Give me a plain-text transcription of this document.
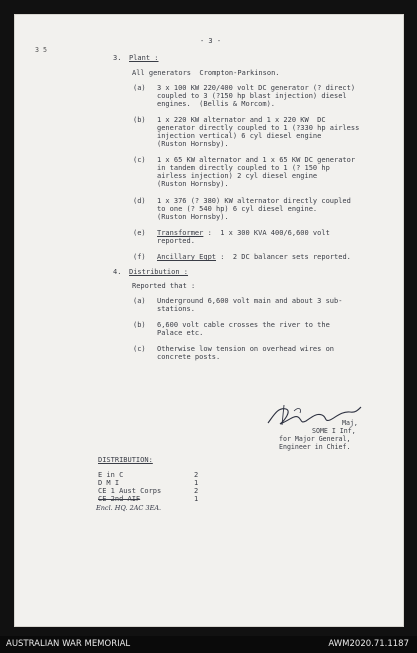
- 3 -
3 5
3. Plant :
All generators  Crompton-Parkinson.
(a) 3 x 100 KW 220/400 volt DC generator (? direct)
coupled to 3 (?150 hp blast injection) diesel
engines.  (Bellis & Morcom).
(b) 1 x 220 KW alternator and 1 x 220 KW  DC
generator directly coupled to 1 (?330 hp airless
injection vertical) 6 cyl diesel engine
(Ruston Hornsby).
(c) 1 x 65 KW alternator and 1 x 65 KW DC generator
in tandem directly coupled to 1 (? 150 hp
airless injection) 2 cyl diesel engine
(Ruston Hornsby).
(d) 1 x 376 (? 380) KW alternator directly coupled
to one (? 540 hp) 6 cyl diesel engine.
(Ruston Hornsby).
(e) Transformer :  1 x 300 KVA 400/6,600 volt
reported.
(f) Ancillary Eqpt :  2 DC balancer sets reported.
4. Distribution :
Reported that :
(a) Underground 6,600 volt main and about 3 sub-
stations.
(b) 6,600 volt cable crosses the river to the
Palace etc.
(c) Otherwise low tension on overhead wires on
concrete posts.
Maj,
SOME I Inf,
for Major General,
Engineer in Chief.
DISTRIBUTION:
E in C	2
D M I	1
CE 1 Aust Corps	2
CE 2nd AIF	1
Encl. HQ. 2AC 3EA.
AUSTRALIAN WAR MEMORIAL	AWM2020.71.1187
